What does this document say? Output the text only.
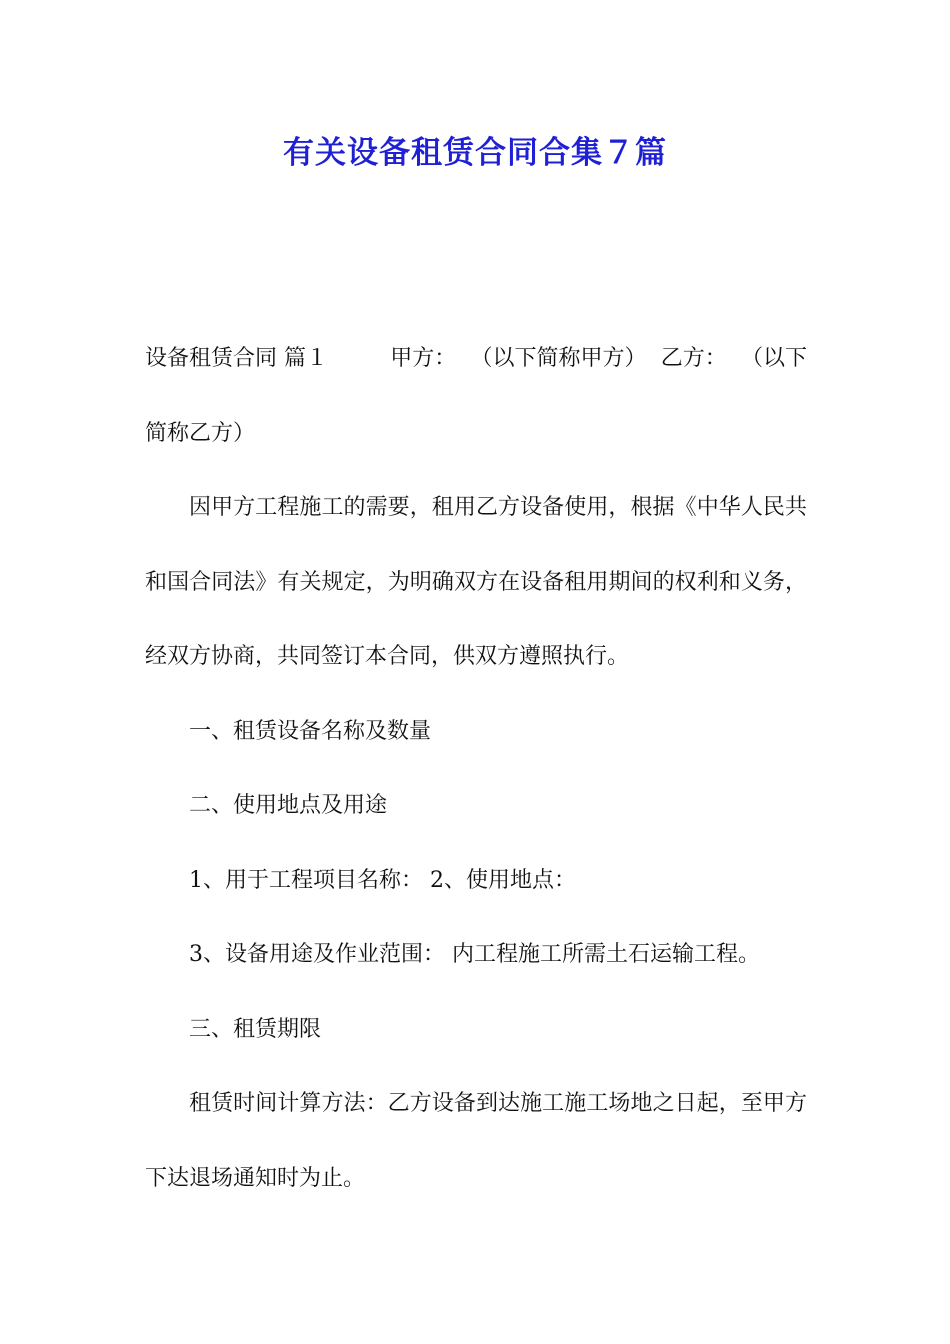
有关设备租赁合同合集７篇
设备租赁合同 篇１	甲方： （以下简称甲方） 乙方： （以下
简称乙方）

因甲方工程施工的需要，租用乙方设备使用，根据《中华人民共和国合同法》有关规定，为明确双方在设备租用期间的权利和义务，经双方协商，共同签订本合同，供双方遵照执行。

一、租赁设备名称及数量

二、使用地点及用途

1、用于工程项目名称： 2、使用地点：

3、设备用途及作业范围： 内工程施工所需土石运输工程。

三、租赁期限

租赁时间计算方法：乙方设备到达施工施工场地之日起，至甲方下达退场通知时为止。
